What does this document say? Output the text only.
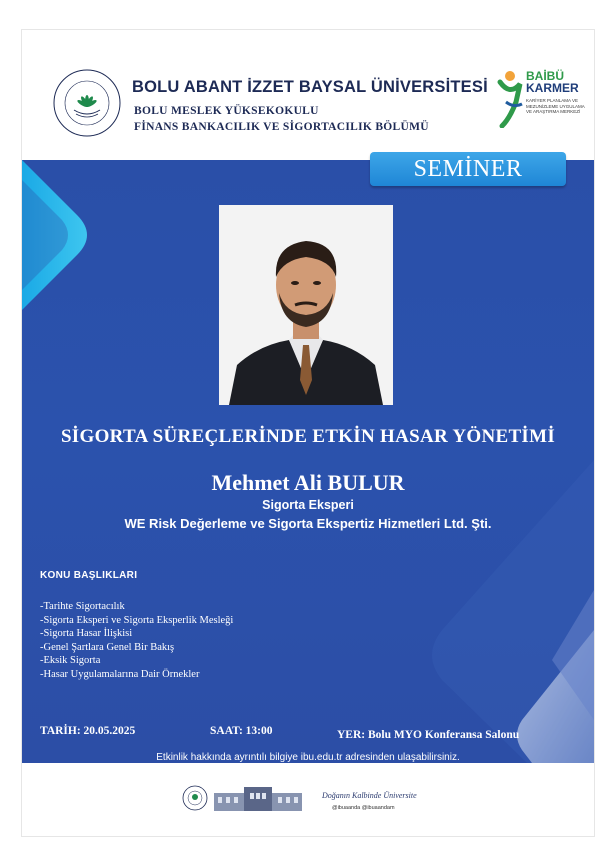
BOLU ABANT İZZET BAYSAL ÜNİVERSİTESİ
BOLU MESLEK YÜKSEKOKULU
FİNANS BANKACILIK VE SİGORTACILIK BÖLÜMÜ
BAİBÜ
KARMER
KARİYER PLANLAMA VE MEZUNİZLEME UYGULAMA VE ARAŞTIRMA MERKEZİ
SEMİNER
SİGORTA SÜREÇLERİNDE ETKİN HASAR YÖNETİMİ
Mehmet Ali BULUR
Sigorta Eksperi
WE Risk Değerleme ve Sigorta Ekspertiz Hizmetleri Ltd. Şti.
KONU BAŞLIKLARI
-Tarihte Sigortacılık
-Sigorta Eksperi ve Sigorta Eksperlik Mesleği
-Sigorta Hasar İlişkisi
-Genel Şartlara Genel Bir Bakış
-Eksik Sigorta
-Hasar Uygulamalarına Dair Örnekler
TARİH: 20.05.2025	SAAT: 13:00	YER: Bolu MYO Konferansa Salonu
Etkinlik hakkında ayrıntılı bilgiye ibu.edu.tr adresinden ulaşabilirsiniz.
Doğanın Kalbinde Üniversite
@ibuaanda @ibuaandam
